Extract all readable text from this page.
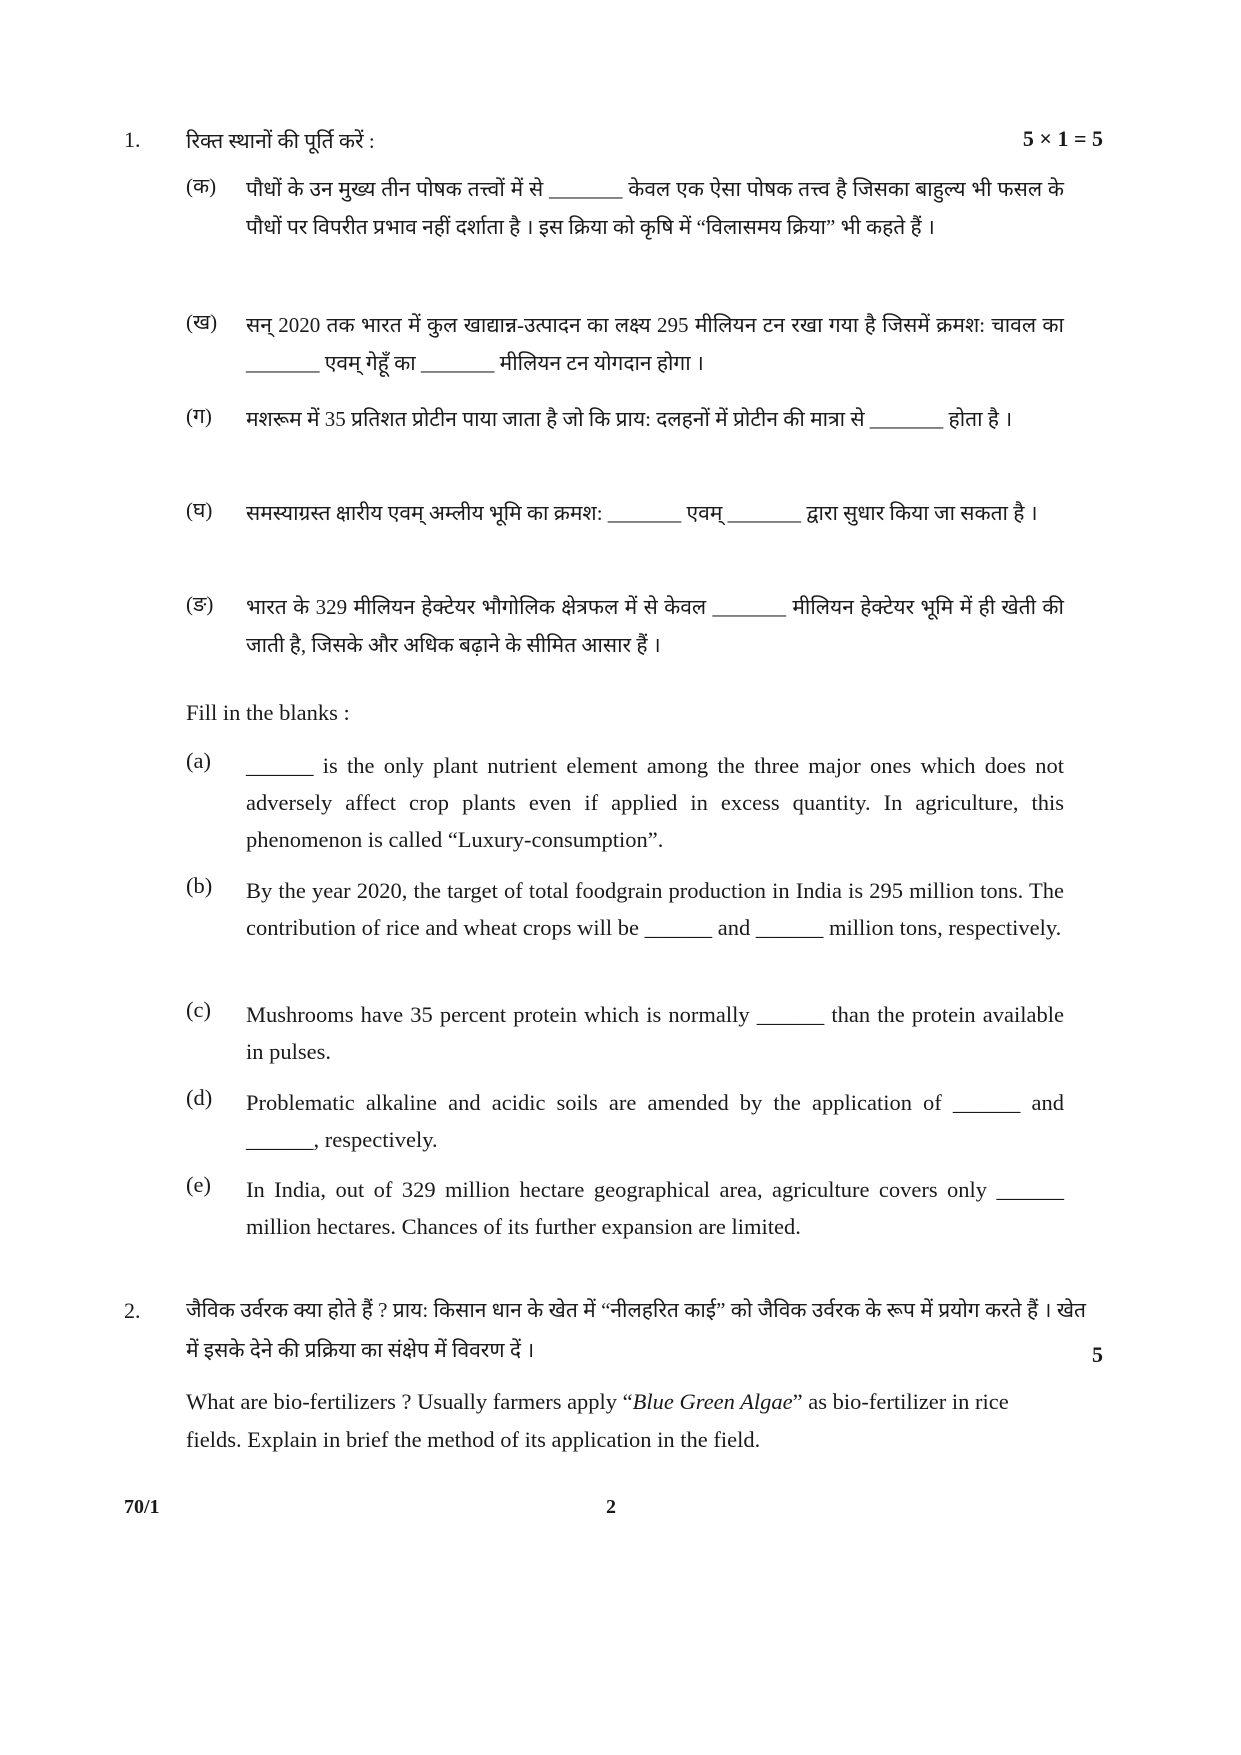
1. रिक्त स्थानों की पूर्ति करें :	5 × 1 = 5
(क) पौधों के उन मुख्य तीन पोषक तत्त्वों में से _______ केवल एक ऐसा पोषक तत्त्व है जिसका बाहुल्य भी फसल के पौधों पर विपरीत प्रभाव नहीं दर्शाता है । इस क्रिया को कृषि में “विलासमय क्रिया” भी कहते हैं ।
(ख) सन् 2020 तक भारत में कुल खाद्यान्न-उत्पादन का लक्ष्य 295 मीलियन टन रखा गया है जिसमें क्रमश: चावल का _______ एवम् गेहूँ का _______ मीलियन टन योगदान होगा ।
(ग) मशरूम में 35 प्रतिशत प्रोटीन पाया जाता है जो कि प्राय: दलहनों में प्रोटीन की मात्रा से _______ होता है ।
(घ) समस्याग्रस्त क्षारीय एवम् अम्लीय भूमि का क्रमश: _______ एवम् _______ द्वारा सुधार किया जा सकता है ।
(ङ) भारत के 329 मीलियन हेक्टेयर भौगोलिक क्षेत्रफल में से केवल _______ मीलियन हेक्टेयर भूमि में ही खेती की जाती है, जिसके और अधिक बढ़ाने के सीमित आसार हैं ।
Fill in the blanks :
(a) ______ is the only plant nutrient element among the three major ones which does not adversely affect crop plants even if applied in excess quantity. In agriculture, this phenomenon is called “Luxury-consumption”.
(b) By the year 2020, the target of total foodgrain production in India is 295 million tons. The contribution of rice and wheat crops will be ______ and ______ million tons, respectively.
(c) Mushrooms have 35 percent protein which is normally ______ than the protein available in pulses.
(d) Problematic alkaline and acidic soils are amended by the application of ______ and ______, respectively.
(e) In India, out of 329 million hectare geographical area, agriculture covers only ______ million hectares. Chances of its further expansion are limited.
2. जैविक उर्वरक क्या होते हैं ? प्राय: किसान धान के खेत में “नीलहरित काई” को जैविक उर्वरक के रूप में प्रयोग करते हैं । खेत में इसके देने की प्रक्रिया का संक्षेप में विवरण दें ।	5
What are bio-fertilizers ? Usually farmers apply “Blue Green Algae” as bio-fertilizer in rice fields. Explain in brief the method of its application in the field.
70/1	2
